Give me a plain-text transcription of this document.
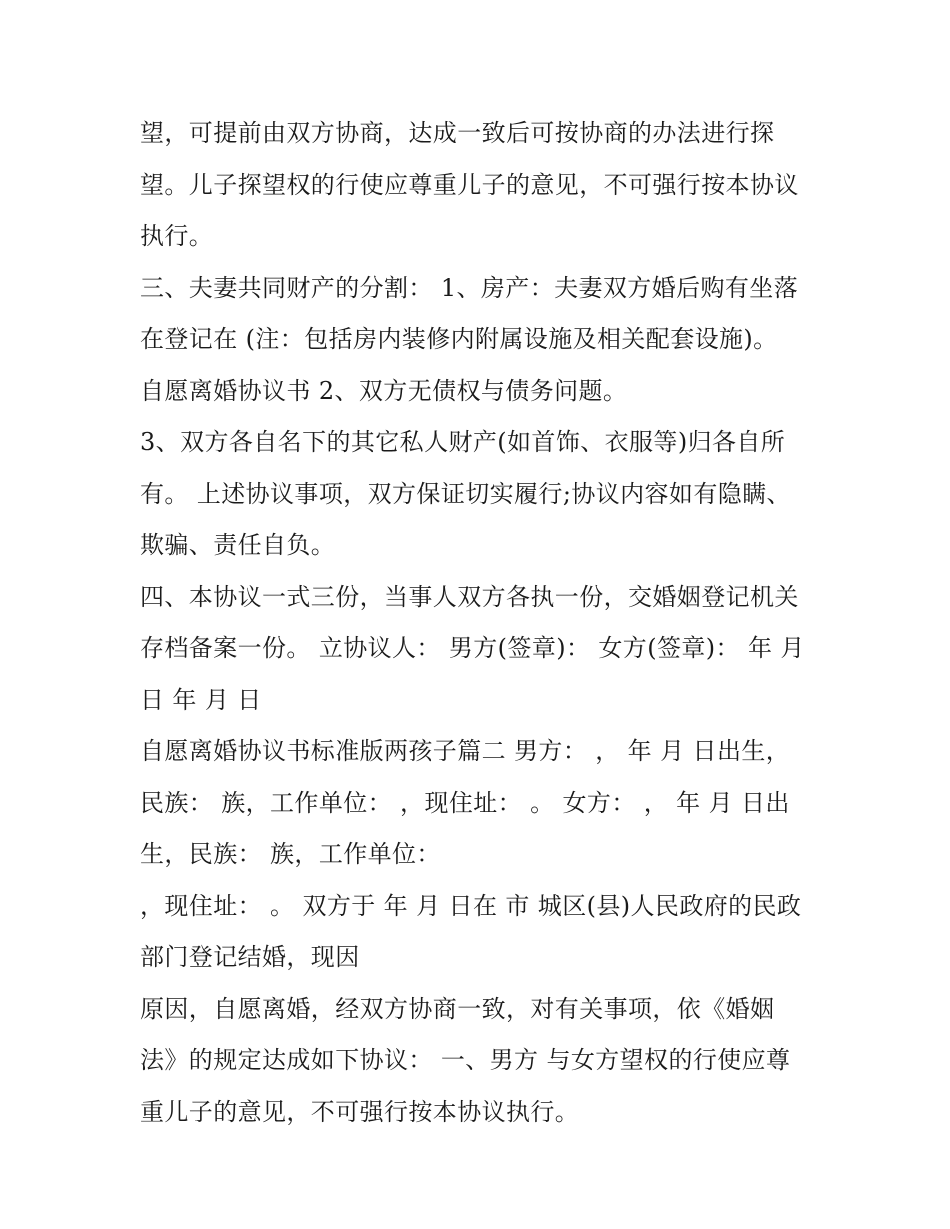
望，可提前由双方协商，达成一致后可按协商的办法进行探
望。儿子探望权的行使应尊重儿子的意见，不可强行按本协议
执行。
三、夫妻共同财产的分割： 1、房产：夫妻双方婚后购有坐落
在登记在 (注：包括房内装修内附属设施及相关配套设施)。
自愿离婚协议书 2、双方无债权与债务问题。
3、双方各自名下的其它私人财产(如首饰、衣服等)归各自所
有。 上述协议事项，双方保证切实履行;协议内容如有隐瞒、
欺骗、责任自负。
四、本协议一式三份，当事人双方各执一份，交婚姻登记机关
存档备案一份。 立协议人： 男方(签章)： 女方(签章)： 年 月
日 年 月 日
自愿离婚协议书标准版两孩子篇二 男方： ， 年 月 日出生，
民族： 族，工作单位： ，现住址： 。 女方： ， 年 月 日出
生，民族： 族，工作单位：
，现住址： 。 双方于 年 月 日在 市 城区(县)人民政府的民政
部门登记结婚，现因
原因，自愿离婚，经双方协商一致，对有关事项，依《婚姻
法》的规定达成如下协议： 一、男方 与女方望权的行使应尊
重儿子的意见，不可强行按本协议执行。
